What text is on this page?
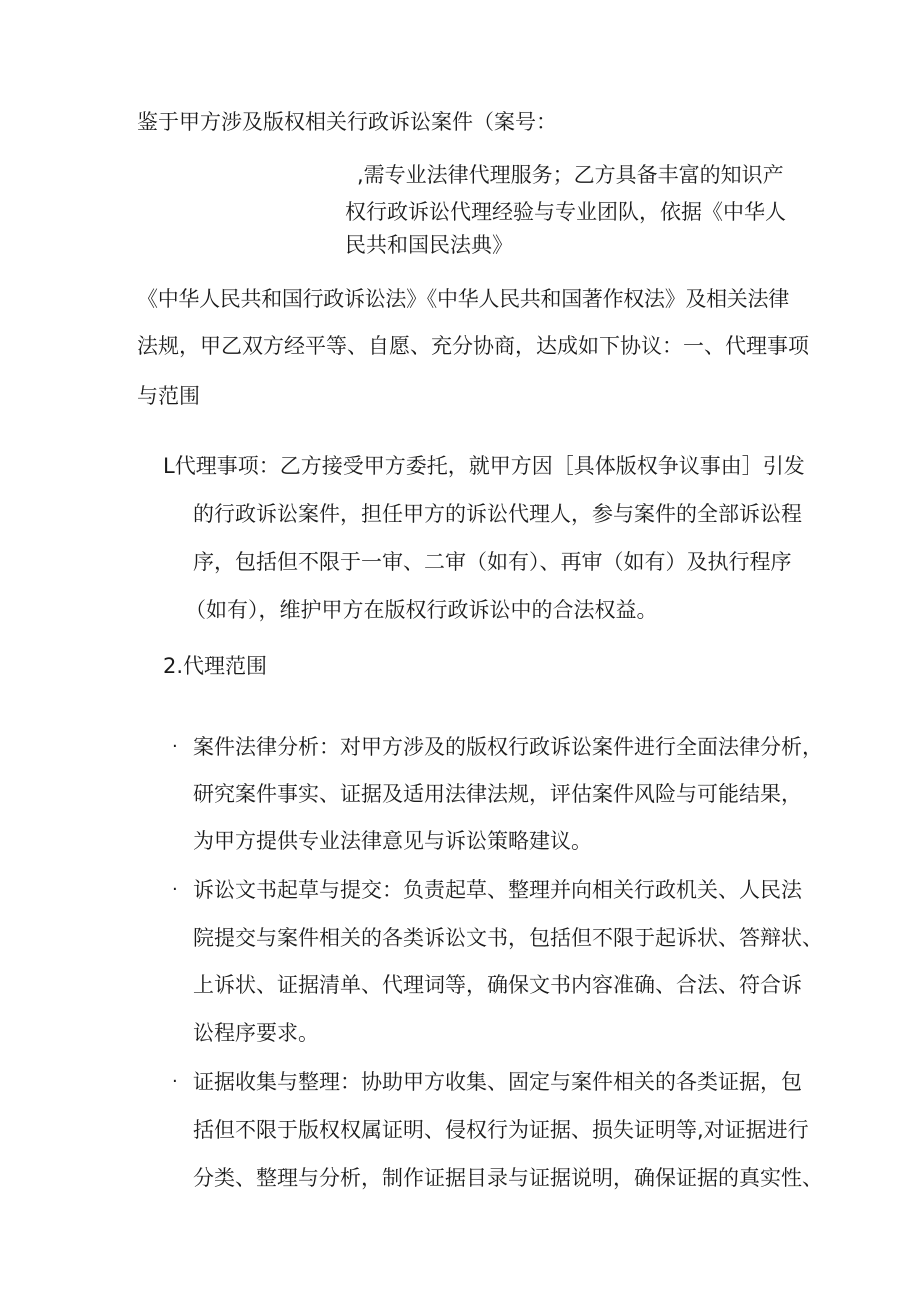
鉴于甲方涉及版权相关行政诉讼案件（案号：
,需专业法律代理服务；乙方具备丰富的知识产
权行政诉讼代理经验与专业团队，依据《中华人
民共和国民法典》
《中华人民共和国行政诉讼法》《中华人民共和国著作权法》及相关法律
法规，甲乙双方经平等、自愿、充分协商，达成如下协议：一、代理事项
与范围
L代理事项：乙方接受甲方委托，就甲方因［具体版权争议事由］引发
的行政诉讼案件，担任甲方的诉讼代理人，参与案件的全部诉讼程
序，包括但不限于一审、二审（如有）、再审（如有）及执行程序
（如有），维护甲方在版权行政诉讼中的合法权益。
2.代理范围
· 案件法律分析：对甲方涉及的版权行政诉讼案件进行全面法律分析，
研究案件事实、证据及适用法律法规，评估案件风险与可能结果，
为甲方提供专业法律意见与诉讼策略建议。
· 诉讼文书起草与提交：负责起草、整理并向相关行政机关、人民法
院提交与案件相关的各类诉讼文书，包括但不限于起诉状、答辩状、
上诉状、证据清单、代理词等，确保文书内容准确、合法、符合诉
讼程序要求。
· 证据收集与整理：协助甲方收集、固定与案件相关的各类证据，包
括但不限于版权权属证明、侵权行为证据、损失证明等,对证据进行
分类、整理与分析，制作证据目录与证据说明，确保证据的真实性、
